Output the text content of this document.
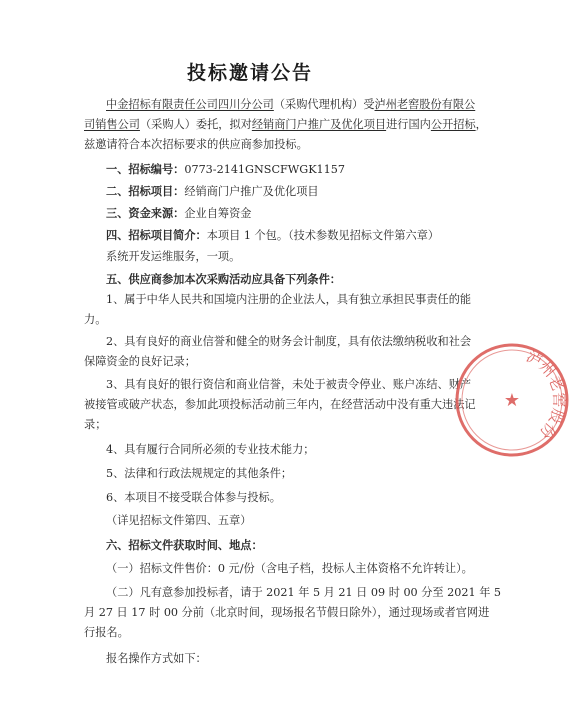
投标邀请公告
中金招标有限责任公司四川分公司（采购代理机构）受泸州老窖股份有限公
司销售公司（采购人）委托，拟对经销商门户推广及优化项目进行国内公开招标，
兹邀请符合本次招标要求的供应商参加投标。
一、招标编号：0773-2141GNSCFWGK1157
二、招标项目：经销商门户推广及优化项目
三、资金来源：企业自筹资金
四、招标项目简介：本项目 1 个包。（技术参数见招标文件第六章）
系统开发运维服务，一项。
五、供应商参加本次采购活动应具备下列条件：
1、属于中华人民共和国境内注册的企业法人，具有独立承担民事责任的能
力。
2、具有良好的商业信誉和健全的财务会计制度，具有依法缴纳税收和社会
保障资金的良好记录；
3、具有良好的银行资信和商业信誉，未处于被责令停业、账户冻结、财产
被接管或破产状态，参加此项投标活动前三年内，在经营活动中没有重大违法记
录；
4、具有履行合同所必须的专业技术能力；
5、法律和行政法规规定的其他条件；
6、本项目不接受联合体参与投标。
（详见招标文件第四、五章）
六、招标文件获取时间、地点：
（一）招标文件售价：0 元/份（含电子档，投标人主体资格不允许转让）。
（二）凡有意参加投标者，请于 2021 年 5 月 21 日 09 时 00 分至 2021 年 5
月 27 日 17 时 00 分前（北京时间，现场报名节假日除外），通过现场或者官网进
行报名。
报名操作方式如下：
泸州老窖股份
★
